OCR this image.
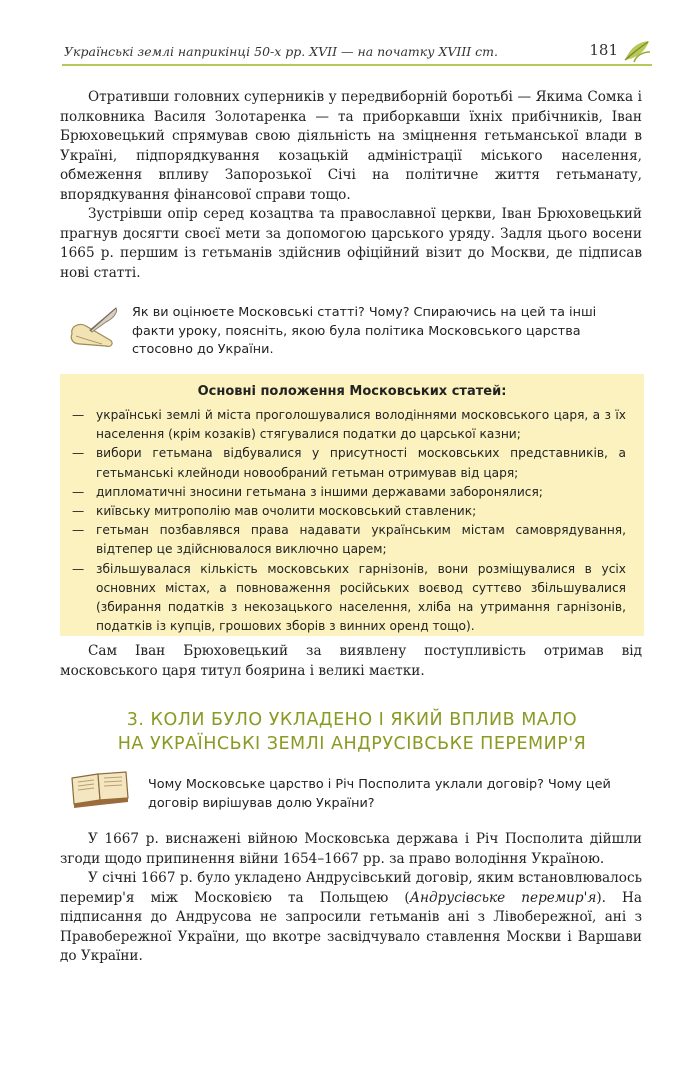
Українські землі наприкінці 50-х рр. XVII — на початку XVIII ст.	181

Отративши головних суперників у передвиборній боротьбі — Якима Сомка і полковника Василя Золотаренка — та приборкавши їхніх прибічників, Іван Брюховецький спрямував свою діяльність на зміцнення гетьманської влади в Україні, підпорядкування козацькій адміністрації міського населення, обмеження впливу Запорозької Січі на політичне життя гетьманату, впорядкування фінансової справи тощо.

Зустрівши опір серед козацтва та православної церкви, Іван Брюховецький прагнув досягти своєї мети за допомогою царського уряду. Задля цього восени 1665 р. першим із гетьманів здійснив офіційний візит до Москви, де підписав нові статті.

Як ви оцінюєте Московські статті? Чому? Спираючись на цей та інші факти уроку, поясніть, якою була політика Московського царства стосовно до України.
Основні положення Московських статей:
— українські землі й міста проголошувалися володіннями московського царя, а з їх населення (крім козаків) стягувалися податки до царської казни;
— вибори гетьмана відбувалися у присутності московських представників, а гетьманські клейноди новообраний гетьман отримував від царя;
— дипломатичні зносини гетьмана з іншими державами заборонялися;
— київську митрополію мав очолити московський ставленик;
— гетьман позбавлявся права надавати українським містам самоврядування, відтепер це здійснювалося виключно царем;
— збільшувалася кількість московських гарнізонів, вони розміщувалися в усіх основних містах, а повноваження російських воєвод суттєво збільшувалися (збирання податків з некозацького населення, хліба на утримання гарнізонів, податків із купців, грошових зборів з винних оренд тощо).

Сам Іван Брюховецький за виявлену поступливість отримав від московського царя титул боярина і великі маєтки.

3. КОЛИ БУЛО УКЛАДЕНО І ЯКИЙ ВПЛИВ МАЛО
НА УКРАЇНСЬКІ ЗЕМЛІ АНДРУСІВСЬКЕ ПЕРЕМИР'Я
Чому Московське царство і Річ Посполита уклали договір? Чому цей договір вирішував долю України?

У 1667 р. виснажені війною Московська держава і Річ Посполита дійшли згоди щодо припинення війни 1654–1667 рр. за право володіння Україною.

У січні 1667 р. було укладено Андрусівський договір, яким встановлювалось перемир'я між Московією та Польщею (Андрусівське перемир'я). На підписання до Андрусова не запросили гетьманів ані з Лівобережної, ані з Правобережної України, що вкотре засвідчувало ставлення Москви і Варшави до України.
